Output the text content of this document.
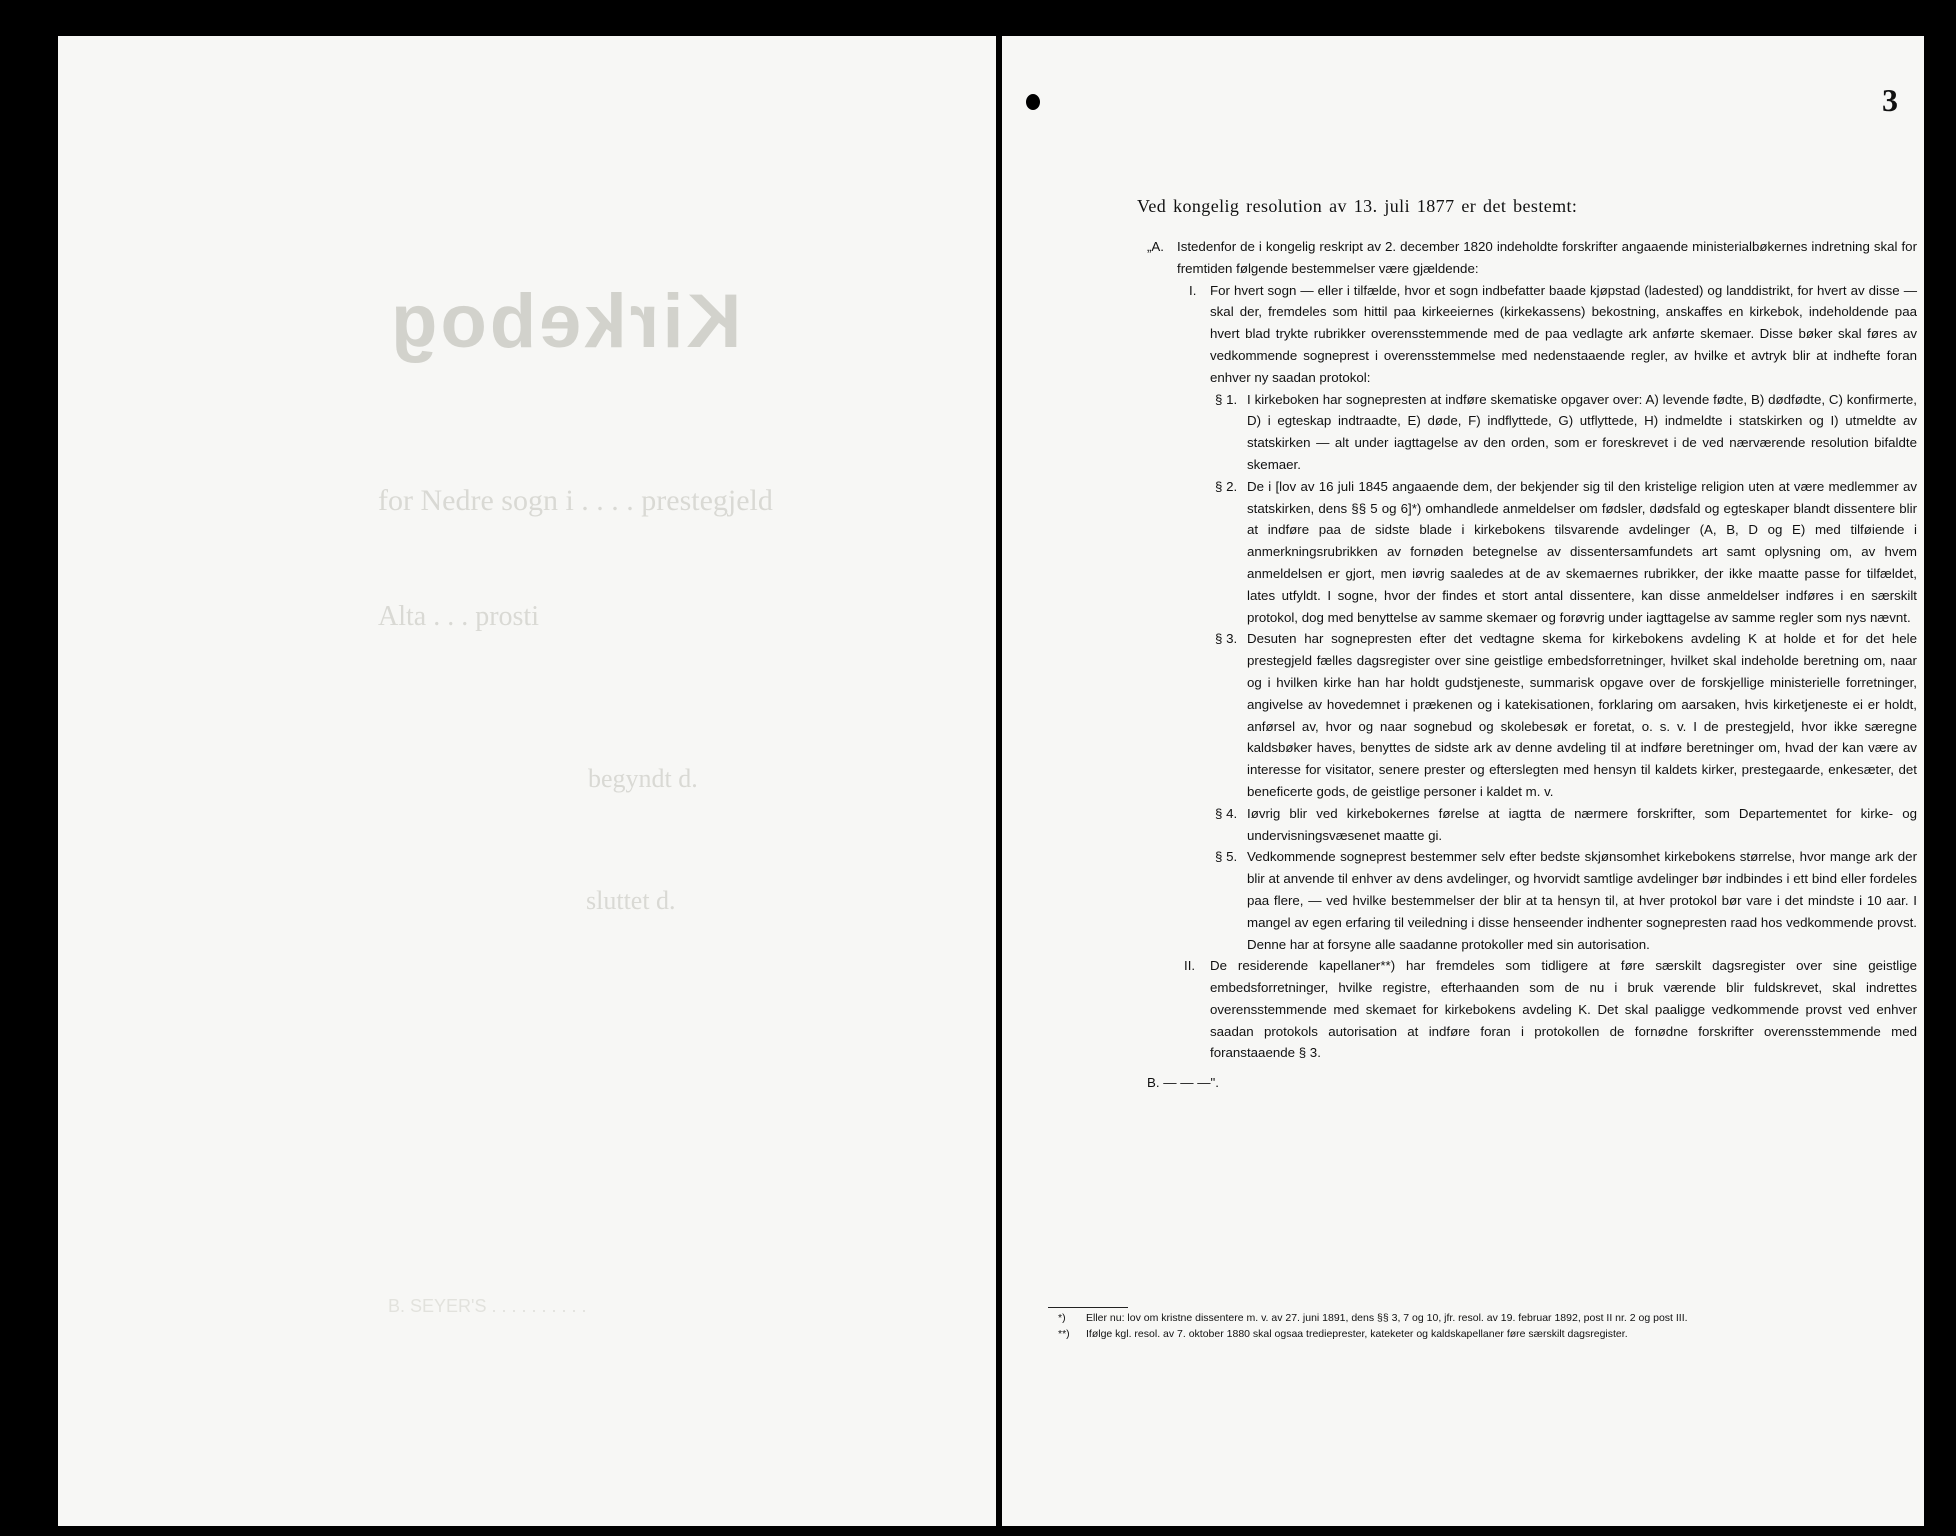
Kirkebog
for Nedre sogn i . . . . prestegjeld
Alta . . . prosti
begyndt d.
sluttet d.
B. SEYER'S . . . . . . . . . .
3
Ved kongelig resolution av 13. juli 1877 er det bestemt:
„A. Istedenfor de i kongelig reskript av 2. december 1820 indeholdte forskrifter angaaende ministerialbøkernes indretning skal for fremtiden følgende bestemmelser være gjældende:

I. For hvert sogn — eller i tilfælde, hvor et sogn indbefatter baade kjøpstad (ladested) og landdistrikt, for hvert av disse — skal der, fremdeles som hittil paa kirkeeiernes (kirkekassens) bekostning, anskaffes en kirkebok, indeholdende paa hvert blad trykte rubrikker overensstemmende med de paa vedlagte ark anførte skemaer. Disse bøker skal føres av vedkommende sogneprest i overensstemmelse med nedenstaaende regler, av hvilke et avtryk blir at indhefte foran enhver ny saadan protokol:

§ 1. I kirkeboken har sognepresten at indføre skematiske opgaver over: A) levende fødte, B) dødfødte, C) konfirmerte, D) i egteskap indtraadte, E) døde, F) indflyttede, G) utflyttede, H) indmeldte i statskirken og I) utmeldte av statskirken — alt under iagttagelse av den orden, som er foreskrevet i de ved nærværende resolution bifaldte skemaer.

§ 2. De i [lov av 16 juli 1845 angaaende dem, der bekjender sig til den kristelige religion uten at være medlemmer av statskirken, dens §§ 5 og 6]*) omhandlede anmeldelser om fødsler, dødsfald og egteskaper blandt dissentere blir at indføre paa de sidste blade i kirkebokens tilsvarende avdelinger (A, B, D og E) med tilføiende i anmerkningsrubrikken av fornøden betegnelse av dissentersamfundets art samt oplysning om, av hvem anmeldelsen er gjort, men iøvrig saaledes at de av skemaernes rubrikker, der ikke maatte passe for tilfældet, lates utfyldt. I sogne, hvor der findes et stort antal dissentere, kan disse anmeldelser indføres i en særskilt protokol, dog med benyttelse av samme skemaer og forøvrig under iagttagelse av samme regler som nys nævnt.

§ 3. Desuten har sognepresten efter det vedtagne skema for kirkebokens avdeling K at holde et for det hele prestegjeld fælles dagsregister over sine geistlige embedsforretninger, hvilket skal indeholde beretning om, naar og i hvilken kirke han har holdt gudstjeneste, summarisk opgave over de forskjellige ministerielle forretninger, angivelse av hovedemnet i prækenen og i katekisationen, forklaring om aarsaken, hvis kirketjeneste ei er holdt, anførsel av, hvor og naar sognebud og skolebesøk er foretat, o. s. v. I de prestegjeld, hvor ikke særegne kaldsbøker haves, benyttes de sidste ark av denne avdeling til at indføre beretninger om, hvad der kan være av interesse for visitator, senere prester og efterslegten med hensyn til kaldets kirker, prestegaarde, enkesæter, det beneficerte gods, de geistlige personer i kaldet m. v.

§ 4. Iøvrig blir ved kirkebokernes førelse at iagtta de nærmere forskrifter, som Departementet for kirke- og undervisningsvæsenet maatte gi.

§ 5. Vedkommende sogneprest bestemmer selv efter bedste skjønsomhet kirkebokens størrelse, hvor mange ark der blir at anvende til enhver av dens avdelinger, og hvorvidt samtlige avdelinger bør indbindes i ett bind eller fordeles paa flere, — ved hvilke bestemmelser der blir at ta hensyn til, at hver protokol bør vare i det mindste i 10 aar. I mangel av egen erfaring til veiledning i disse henseender indhenter sognepresten raad hos vedkommende provst. Denne har at forsyne alle saadanne protokoller med sin autorisation.

II. De residerende kapellaner**) har fremdeles som tidligere at føre særskilt dagsregister over sine geistlige embedsforretninger, hvilke registre, efterhaanden som de nu i bruk værende blir fuldskrevet, skal indrettes overensstemmende med skemaet for kirkebokens avdeling K. Det skal paaligge vedkommende provst ved enhver saadan protokols autorisation at indføre foran i protokollen de fornødne forskrifter overensstemmende med foranstaaende § 3.

B. — — —".

*) Eller nu: lov om kristne dissentere m. v. av 27. juni 1891, dens §§ 3, 7 og 10, jfr. resol. av 19. februar 1892, post II nr. 2 og post III.
**) Ifølge kgl. resol. av 7. oktober 1880 skal ogsaa tredieprester, kateketer og kaldskapellaner føre særskilt dagsregister.
